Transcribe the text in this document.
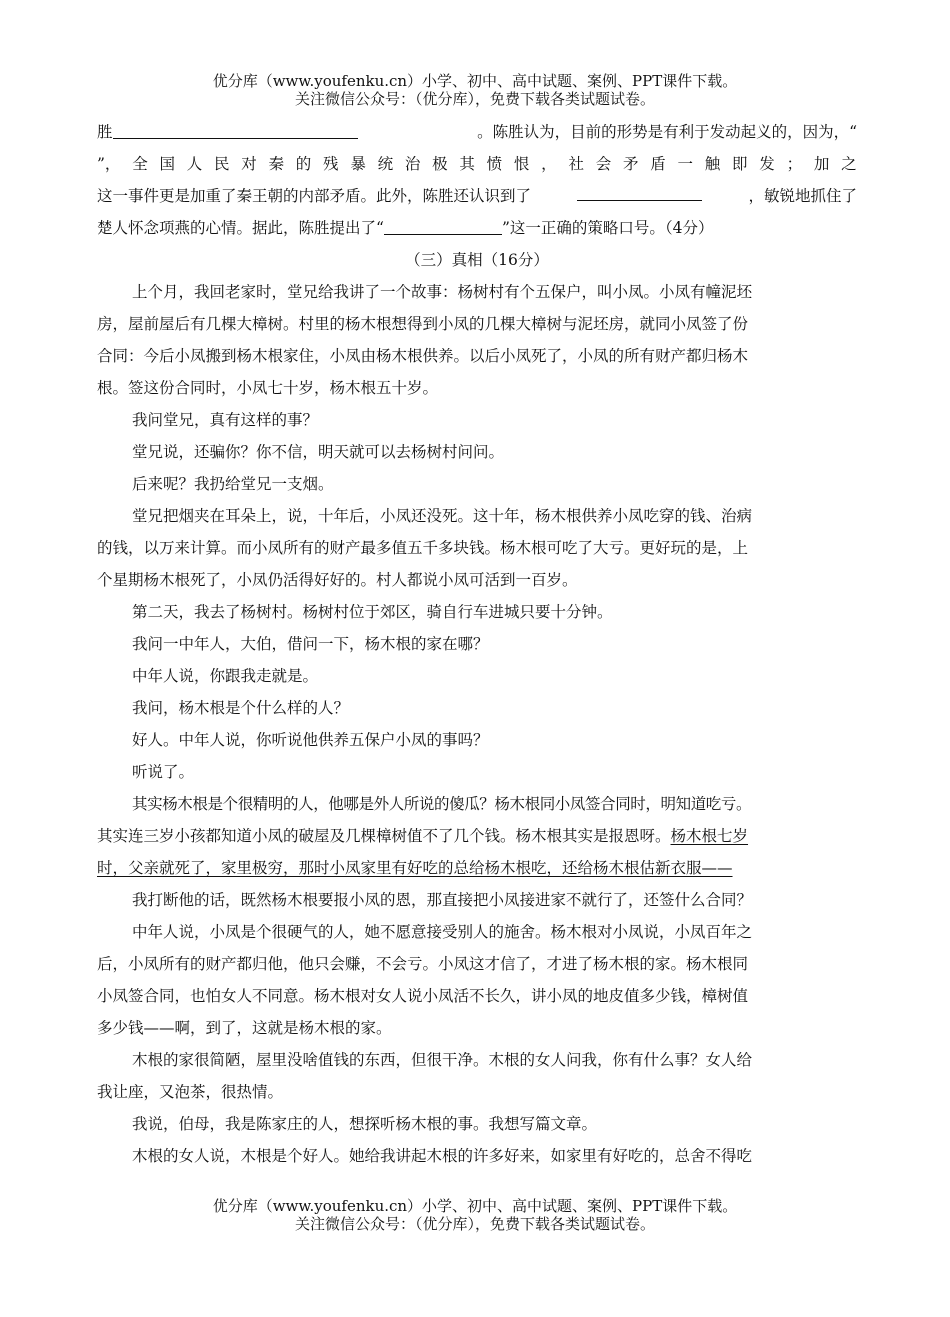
优分库（www.youfenku.cn）小学、初中、高中试题、案例、PPT课件下载。
关注微信公众号：（优分库），免费下载各类试题试卷。
胜	。陈胜认为，目前的形势是有利于发动起义的，因为，“
”， 全 国 人 民 对 秦 的 残 暴 统 治 极 其 愤 恨 ， 社 会 矛 盾 一 触 即 发 ； 加 之
这一事件更是加重了秦王朝的内部矛盾。此外，陈胜还认识到了	，敏锐地抓住了
楚人怀念项燕的心情。据此，陈胜提出了“	”这一正确的策略口号。（4分）
（三）真相（16分）
上个月，我回老家时，堂兄给我讲了一个故事：杨树村有个五保户，叫小凤。小凤有幢泥坯
房，屋前屋后有几棵大樟树。村里的杨木根想得到小凤的几棵大樟树与泥坯房，就同小凤签了份
合同：今后小凤搬到杨木根家住，小凤由杨木根供养。以后小凤死了，小凤的所有财产都归杨木
根。签这份合同时，小凤七十岁，杨木根五十岁。
我问堂兄，真有这样的事？
堂兄说，还骗你？你不信，明天就可以去杨树村问问。
后来呢？我扔给堂兄一支烟。
堂兄把烟夹在耳朵上，说，十年后，小凤还没死。这十年，杨木根供养小凤吃穿的钱、治病
的钱，以万来计算。而小凤所有的财产最多值五千多块钱。杨木根可吃了大亏。更好玩的是，上
个星期杨木根死了，小凤仍活得好好的。村人都说小凤可活到一百岁。
第二天，我去了杨树村。杨树村位于郊区，骑自行车进城只要十分钟。
我问一中年人，大伯，借问一下，杨木根的家在哪？
中年人说，你跟我走就是。
我问，杨木根是个什么样的人？
好人。中年人说，你听说他供养五保户小凤的事吗？
听说了。
其实杨木根是个很精明的人，他哪是外人所说的傻瓜？杨木根同小凤签合同时，明知道吃亏。
其实连三岁小孩都知道小凤的破屋及几棵樟树值不了几个钱。杨木根其实是报恩呀。杨木根七岁
时，父亲就死了，家里极穷，那时小凤家里有好吃的总给杨木根吃，还给杨木根估新衣服——
我打断他的话，既然杨木根要报小凤的恩，那直接把小凤接进家不就行了，还签什么合同？
中年人说，小凤是个很硬气的人，她不愿意接受别人的施舍。杨木根对小凤说，小凤百年之
后，小凤所有的财产都归他，他只会赚，不会亏。小凤这才信了，才进了杨木根的家。杨木根同
小凤签合同，也怕女人不同意。杨木根对女人说小凤活不长久，讲小凤的地皮值多少钱，樟树值
多少钱——啊，到了，这就是杨木根的家。
木根的家很简陋，屋里没啥值钱的东西，但很干净。木根的女人问我，你有什么事？女人给
我让座，又泡茶，很热情。
我说，伯母，我是陈家庄的人，想探听杨木根的事。我想写篇文章。
木根的女人说，木根是个好人。她给我讲起木根的许多好来，如家里有好吃的，总舍不得吃
优分库（www.youfenku.cn）小学、初中、高中试题、案例、PPT课件下载。
关注微信公众号：（优分库），免费下载各类试题试卷。
